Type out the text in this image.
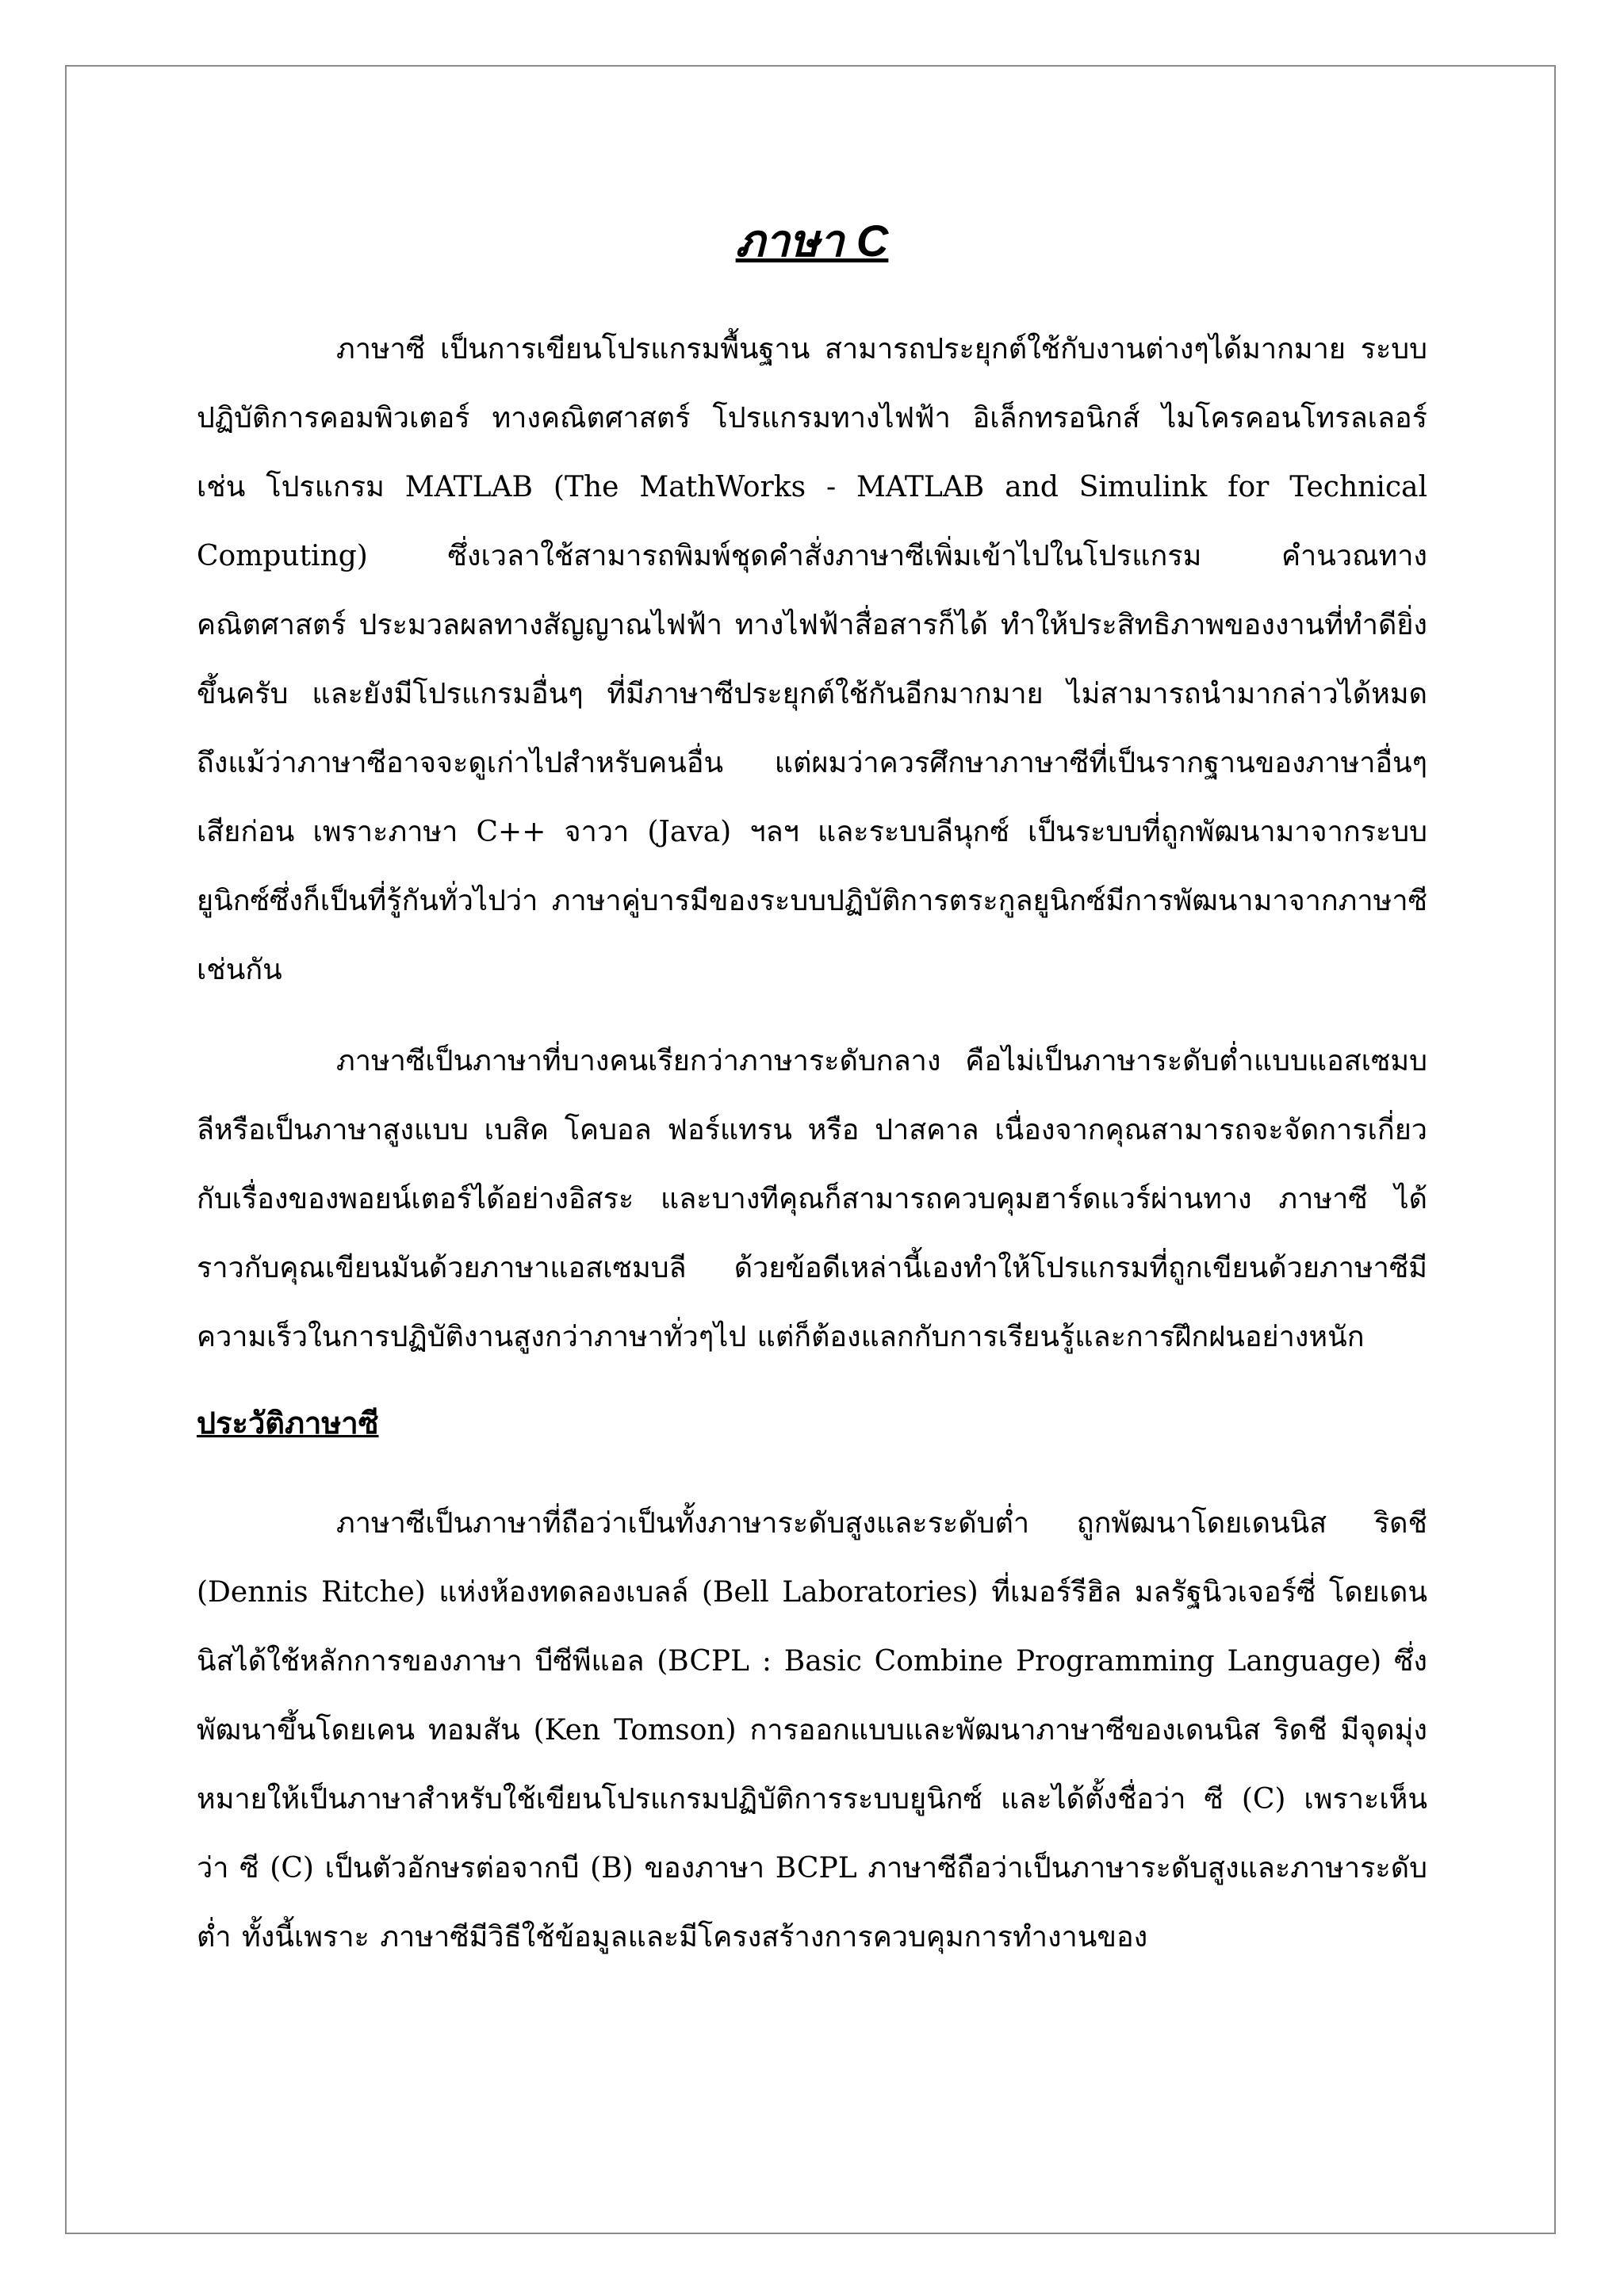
ภาษา C

ภาษาซี เป็นการเขียนโปรแกรมพื้นฐาน สามารถประยุกต์ใช้กับงานต่างๆได้มากมาย ระบบปฏิบัติการคอมพิวเตอร์ ทางคณิตศาสตร์ โปรแกรมทางไฟฟ้า อิเล็กทรอนิกส์ ไมโครคอนโทรลเลอร์ เช่น โปรแกรม MATLAB (The MathWorks - MATLAB and Simulink for Technical Computing) ซึ่งเวลาใช้สามารถพิมพ์ชุดคำสั่งภาษาซีเพิ่มเข้าไปในโปรแกรม คำนวณทางคณิตศาสตร์ ประมวลผลทางสัญญาณไฟฟ้า ทางไฟฟ้าสื่อสารก็ได้ ทำให้ประสิทธิภาพของงานที่ทำดียิ่งขึ้นครับ และยังมีโปรแกรมอื่นๆ ที่มีภาษาซีประยุกต์ใช้กันอีกมากมาย ไม่สามารถนำมากล่าวได้หมด ถึงแม้ว่าภาษาซีอาจจะดูเก่าไปสำหรับคนอื่น แต่ผมว่าควรศึกษาภาษาซีที่เป็นรากฐานของภาษาอื่นๆเสียก่อน เพราะภาษา C++ จาวา (Java) ฯลฯ และระบบลีนุกซ์ เป็นระบบที่ถูกพัฒนามาจากระบบยูนิกซ์ซึ่งก็เป็นที่รู้กันทั่วไปว่า ภาษาคู่บารมีของระบบปฏิบัติการตระกูลยูนิกซ์มีการพัฒนามาจากภาษาซีเช่นกัน

ภาษาซีเป็นภาษาที่บางคนเรียกว่าภาษาระดับกลาง คือไม่เป็นภาษาระดับต่ำแบบแอสเซมบลีหรือเป็นภาษาสูงแบบ เบสิค โคบอล ฟอร์แทรน หรือ ปาสคาล เนื่องจากคุณสามารถจะจัดการเกี่ยวกับเรื่องของพอยน์เตอร์ได้อย่างอิสระ และบางทีคุณก็สามารถควบคุมฮาร์ดแวร์ผ่านทาง ภาษาซี ได้ราวกับคุณเขียนมันด้วยภาษาแอสเซมบลี ด้วยข้อดีเหล่านี้เองทำให้โปรแกรมที่ถูกเขียนด้วยภาษาซีมีความเร็วในการปฏิบัติงานสูงกว่าภาษาทั่วๆไป แต่ก็ต้องแลกกับการเรียนรู้และการฝึกฝนอย่างหนัก

ประวัติภาษาซี

ภาษาซีเป็นภาษาที่ถือว่าเป็นทั้งภาษาระดับสูงและระดับต่ำ ถูกพัฒนาโดยเดนนิส ริดชี (Dennis Ritche) แห่งห้องทดลองเบลล์ (Bell Laboratories) ที่เมอร์รีฮิล มลรัฐนิวเจอร์ซี่ โดยเดนนิสได้ใช้หลักการของภาษา บีซีพีแอล (BCPL : Basic Combine Programming Language) ซึ่งพัฒนาขึ้นโดยเคน ทอมสัน (Ken Tomson) การออกแบบและพัฒนาภาษาซีของเดนนิส ริดชี มีจุดมุ่งหมายให้เป็นภาษาสำหรับใช้เขียนโปรแกรมปฏิบัติการระบบยูนิกซ์ และได้ตั้งชื่อว่า ซี (C) เพราะเห็นว่า ซี (C) เป็นตัวอักษรต่อจากบี (B) ของภาษา BCPL ภาษาซีถือว่าเป็นภาษาระดับสูงและภาษาระดับต่ำ ทั้งนี้เพราะ ภาษาซีมีวิธีใช้ข้อมูลและมีโครงสร้างการควบคุมการทำงานของ
